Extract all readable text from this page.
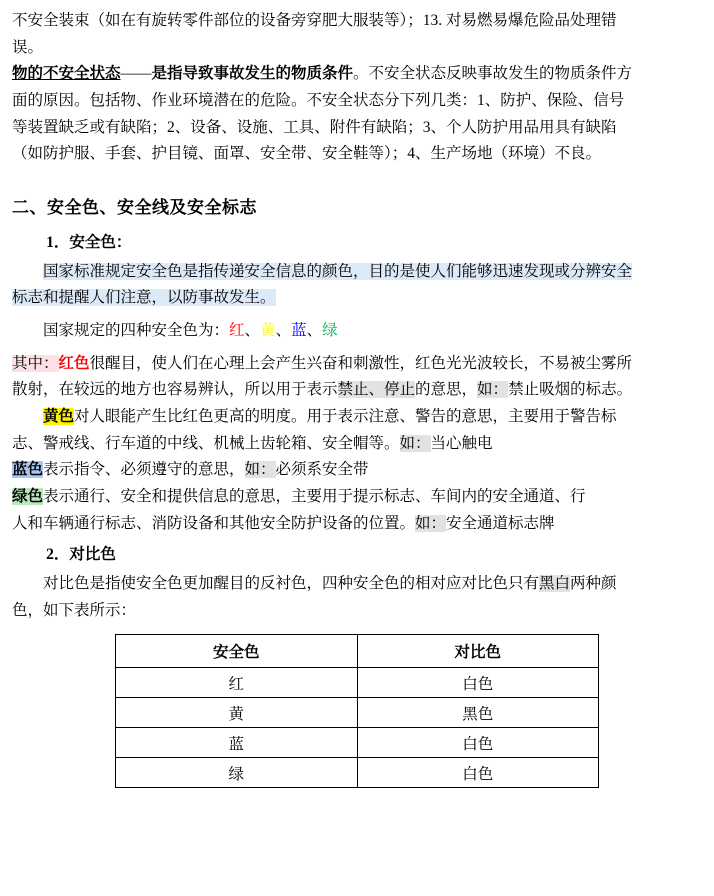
不安全装束（如在有旋转零件部位的设备旁穿肥大服装等）；13. 对易燃易爆危险品处理错

误。

物的不安全状态——是指导致事故发生的物质条件。不安全状态反映事故发生的物质条件方

面的原因。包括物、作业环境潜在的危险。不安全状态分下列几类：1、防护、保险、信号

等装置缺乏或有缺陷；2、设备、设施、工具、附件有缺陷；3、个人防护用品用具有缺陷

（如防护服、手套、护目镜、面罩、安全带、安全鞋等）；4、生产场地（环境）不良。

二、安全色、安全线及安全标志
1．安全色：

国家标准规定安全色是指传递安全信息的颜色，目的是使人们能够迅速发现或分辨安全

标志和提醒人们注意，以防事故发生。

国家规定的四种安全色为：红、黄、蓝、绿

其中：红色很醒目，使人们在心理上会产生兴奋和刺激性，红色光光波较长，不易被尘雾所

散射，在较远的地方也容易辨认，所以用于表示禁止、停止的意思，如：禁止吸烟的标志。

黄色对人眼能产生比红色更高的明度。用于表示注意、警告的意思，主要用于警告标

志、警戒线、行车道的中线、机械上齿轮箱、安全帽等。如：当心触电

蓝色表示指令、必须遵守的意思，如：必须系安全带

绿色表示通行、安全和提供信息的意思，主要用于提示标志、车间内的安全通道、行

人和车辆通行标志、消防设备和其他安全防护设备的位置。如：安全通道标志牌

2．对比色

对比色是指使安全色更加醒目的反衬色，四种安全色的相对应对比色只有黑白两种颜

色，如下表所示：

安全色	对比色
红	白色
黄	黑色
蓝	白色
绿	白色
